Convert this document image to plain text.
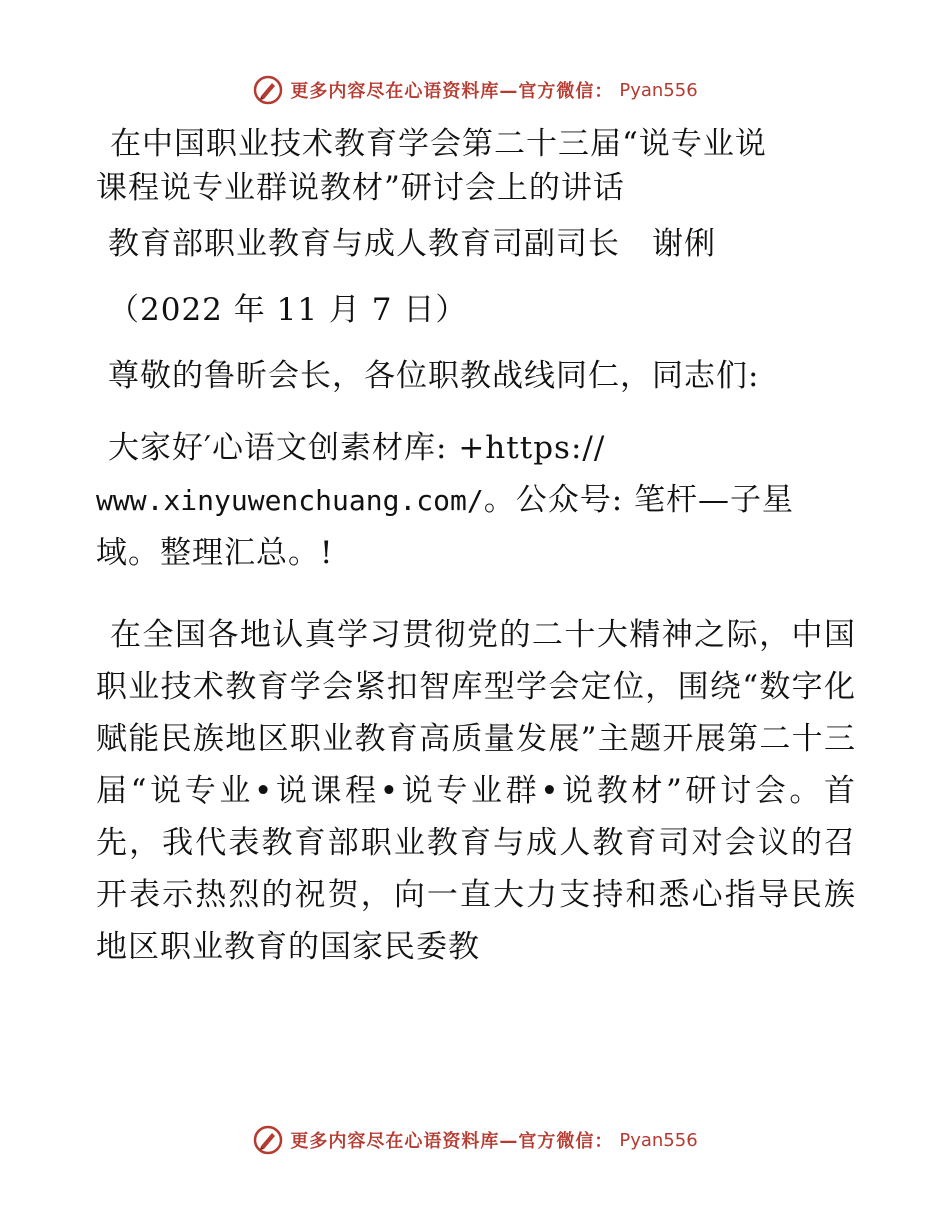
更多内容尽在心语资料库—官方微信： Pyan556

在中国职业技术教育学会第二十三届“说专业说
课程说专业群说教材”研讨会上的讲话

教育部职业教育与成人教育司副司长　谢俐

（2022 年 11 月 7 日）

尊敬的鲁昕会长，各位职教战线同仁，同志们:

大家好′心语文创素材库: +https://
www.xinyuwenchuang.com/。公众号: 笔杆—子星
域。整理汇总。!

在全国各地认真学习贯彻党的二十大精神之际，中国职业技术教育学会紧扣智库型学会定位，围绕“数字化赋能民族地区职业教育高质量发展”主题开展第二十三届“说专业•说课程•说专业群•说教材”研讨会。首先，我代表教育部职业教育与成人教育司对会议的召开表示热烈的祝贺，向一直大力支持和悉心指导民族地区职业教育的国家民委教

更多内容尽在心语资料库—官方微信： Pyan556
